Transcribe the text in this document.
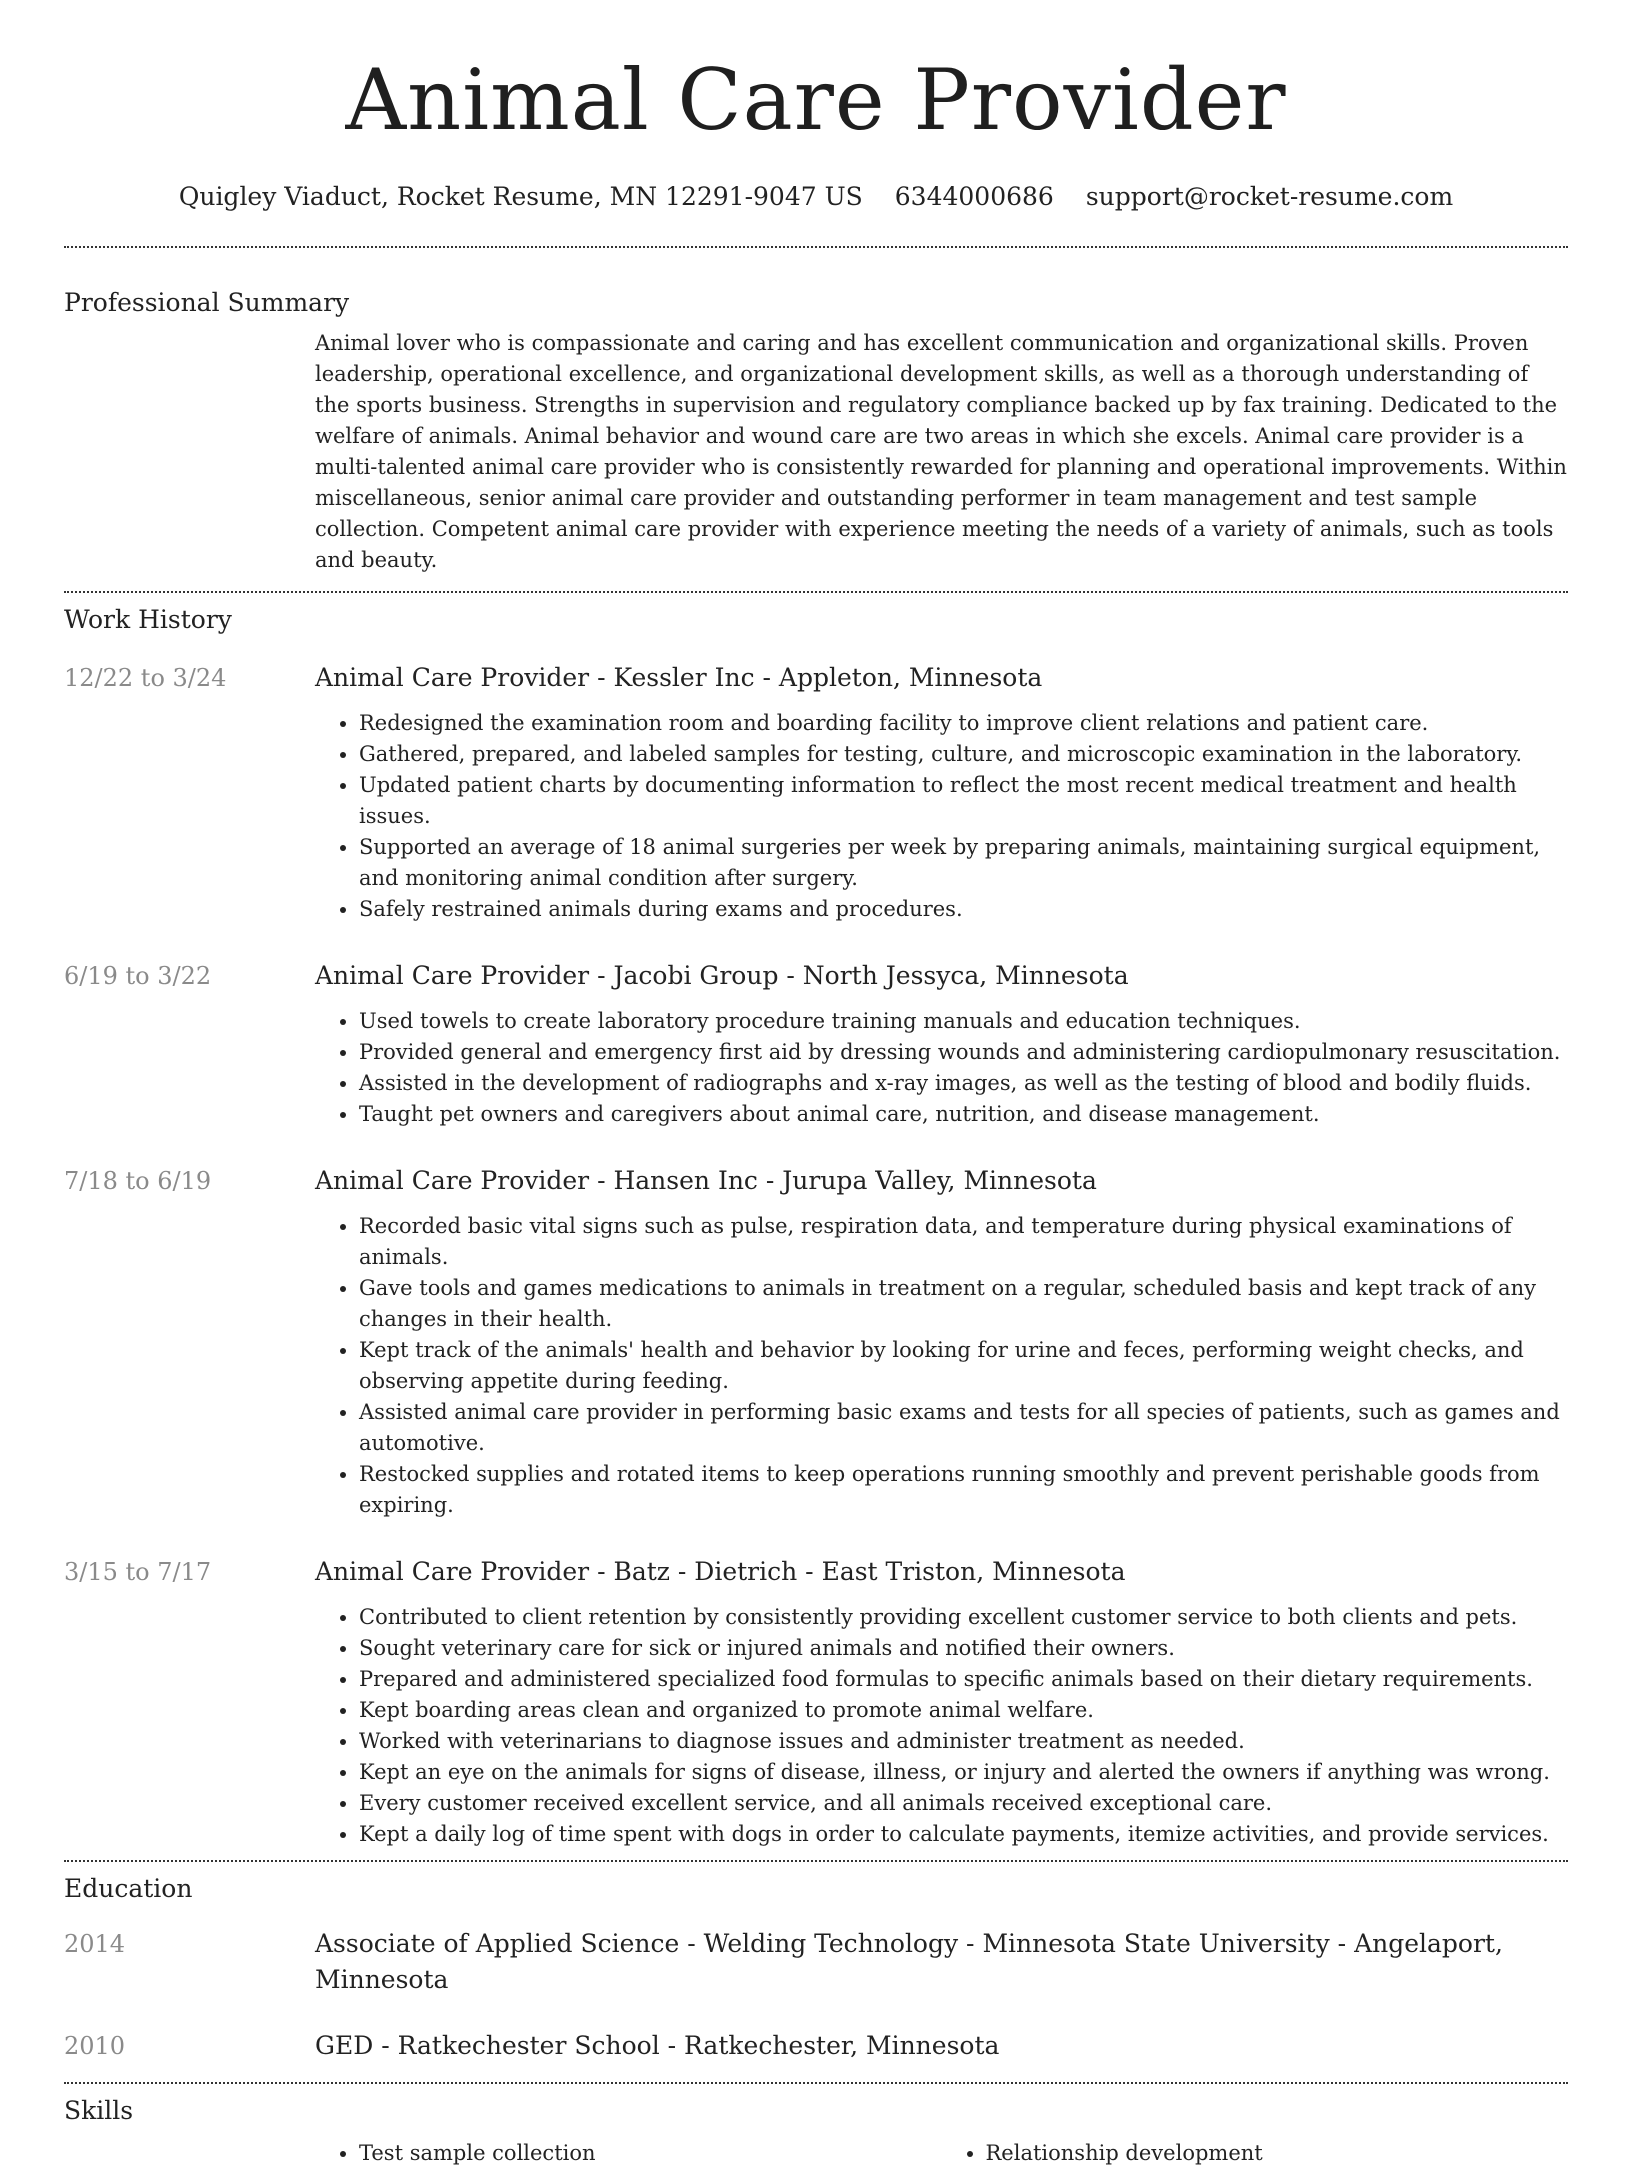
Animal Care Provider
Quigley Viaduct, Rocket Resume, MN 12291-9047 US 6344000686 support@rocket-resume.com
Professional Summary

Animal lover who is compassionate and caring and has excellent communication and organizational skills. Proven leadership, operational excellence, and organizational development skills, as well as a thorough understanding of the sports business. Strengths in supervision and regulatory compliance backed up by fax training. Dedicated to the welfare of animals. Animal behavior and wound care are two areas in which she excels. Animal care provider is a multi-talented animal care provider who is consistently rewarded for planning and operational improvements. Within miscellaneous, senior animal care provider and outstanding performer in team management and test sample collection. Competent animal care provider with experience meeting the needs of a variety of animals, such as tools and beauty.

Work History
12/22 to 3/24	Animal Care Provider - Kessler Inc - Appleton, Minnesota
• Redesigned the examination room and boarding facility to improve client relations and patient care.
• Gathered, prepared, and labeled samples for testing, culture, and microscopic examination in the laboratory.
• Updated patient charts by documenting information to reflect the most recent medical treatment and health issues.
• Supported an average of 18 animal surgeries per week by preparing animals, maintaining surgical equipment, and monitoring animal condition after surgery.
• Safely restrained animals during exams and procedures.
6/19 to 3/22	Animal Care Provider - Jacobi Group - North Jessyca, Minnesota
• Used towels to create laboratory procedure training manuals and education techniques.
• Provided general and emergency first aid by dressing wounds and administering cardiopulmonary resuscitation.
• Assisted in the development of radiographs and x-ray images, as well as the testing of blood and bodily fluids.
• Taught pet owners and caregivers about animal care, nutrition, and disease management.
7/18 to 6/19	Animal Care Provider - Hansen Inc - Jurupa Valley, Minnesota
• Recorded basic vital signs such as pulse, respiration data, and temperature during physical examinations of animals.
• Gave tools and games medications to animals in treatment on a regular, scheduled basis and kept track of any changes in their health.
• Kept track of the animals' health and behavior by looking for urine and feces, performing weight checks, and observing appetite during feeding.
• Assisted animal care provider in performing basic exams and tests for all species of patients, such as games and automotive.
• Restocked supplies and rotated items to keep operations running smoothly and prevent perishable goods from expiring.
3/15 to 7/17	Animal Care Provider - Batz - Dietrich - East Triston, Minnesota
• Contributed to client retention by consistently providing excellent customer service to both clients and pets.
• Sought veterinary care for sick or injured animals and notified their owners.
• Prepared and administered specialized food formulas to specific animals based on their dietary requirements.
• Kept boarding areas clean and organized to promote animal welfare.
• Worked with veterinarians to diagnose issues and administer treatment as needed.
• Kept an eye on the animals for signs of disease, illness, or injury and alerted the owners if anything was wrong.
• Every customer received excellent service, and all animals received exceptional care.
• Kept a daily log of time spent with dogs in order to calculate payments, itemize activities, and provide services.
Education
2014	Associate of Applied Science - Welding Technology - Minnesota State University - Angelaport, Minnesota
2010	GED - Ratkechester School - Ratkechester, Minnesota
Skills
• Test sample collection
•	Relationship development
